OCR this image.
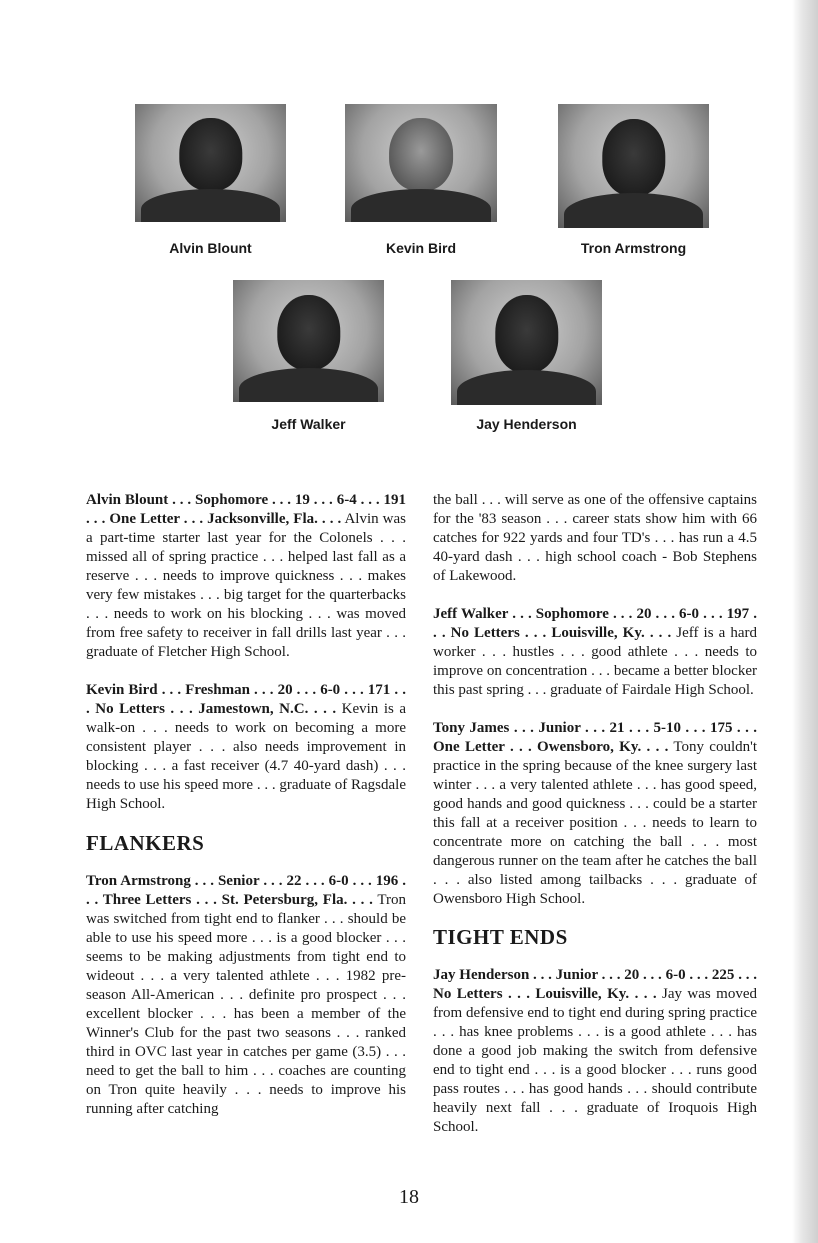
Alvin Blount	Kevin Bird	Tron Armstrong
Jeff Walker	Jay Henderson

Alvin Blount . . . Sophomore . . . 19 . . . 6-4 . . . 191 . . . One Letter . . . Jacksonville, Fla. . . . Alvin was a part-time starter last year for the Colonels . . . missed all of spring practice . . . helped last fall as a reserve . . . needs to improve quickness . . . makes very few mistakes . . . big target for the quarterbacks . . . needs to work on his blocking . . . was moved from free safety to receiver in fall drills last year . . . graduate of Fletcher High School.

Kevin Bird . . . Freshman . . . 20 . . . 6-0 . . . 171 . . . No Letters . . . Jamestown, N.C. . . . Kevin is a walk-on . . . needs to work on becoming a more consistent player . . . also needs improvement in blocking . . . a fast receiver (4.7 40-yard dash) . . . needs to use his speed more . . . graduate of Ragsdale High School.

FLANKERS

Tron Armstrong . . . Senior . . . 22 . . . 6-0 . . . 196 . . . Three Letters . . . St. Petersburg, Fla. . . . Tron was switched from tight end to flanker . . . should be able to use his speed more . . . is a good blocker . . . seems to be making adjustments from tight end to wideout . . . a very talented athlete . . . 1982 pre-season All-American . . . definite pro prospect . . . excellent blocker . . . has been a member of the Winner's Club for the past two seasons . . . ranked third in OVC last year in catches per game (3.5) . . . need to get the ball to him . . . coaches are counting on Tron quite heavily . . . needs to improve his running after catching

the ball . . . will serve as one of the offensive captains for the '83 season . . . career stats show him with 66 catches for 922 yards and four TD's . . . has run a 4.5 40-yard dash . . . high school coach - Bob Stephens of Lakewood.

Jeff Walker . . . Sophomore . . . 20 . . . 6-0 . . . 197 . . . No Letters . . . Louisville, Ky. . . . Jeff is a hard worker . . . hustles . . . good athlete . . . needs to improve on concentration . . . became a better blocker this past spring . . . graduate of Fairdale High School.

Tony James . . . Junior . . . 21 . . . 5-10 . . . 175 . . . One Letter . . . Owensboro, Ky. . . . Tony couldn't practice in the spring because of the knee surgery last winter . . . a very talented athlete . . . has good speed, good hands and good quickness . . . could be a starter this fall at a receiver position . . . needs to learn to concentrate more on catching the ball . . . most dangerous runner on the team after he catches the ball . . . also listed among tailbacks . . . graduate of Owensboro High School.

TIGHT ENDS

Jay Henderson . . . Junior . . . 20 . . . 6-0 . . . 225 . . . No Letters . . . Louisville, Ky. . . . Jay was moved from defensive end to tight end during spring practice . . . has knee problems . . . is a good athlete . . . has done a good job making the switch from defensive end to tight end . . . is a good blocker . . . runs good pass routes . . . has good hands . . . should contribute heavily next fall . . . graduate of Iroquois High School.

18
